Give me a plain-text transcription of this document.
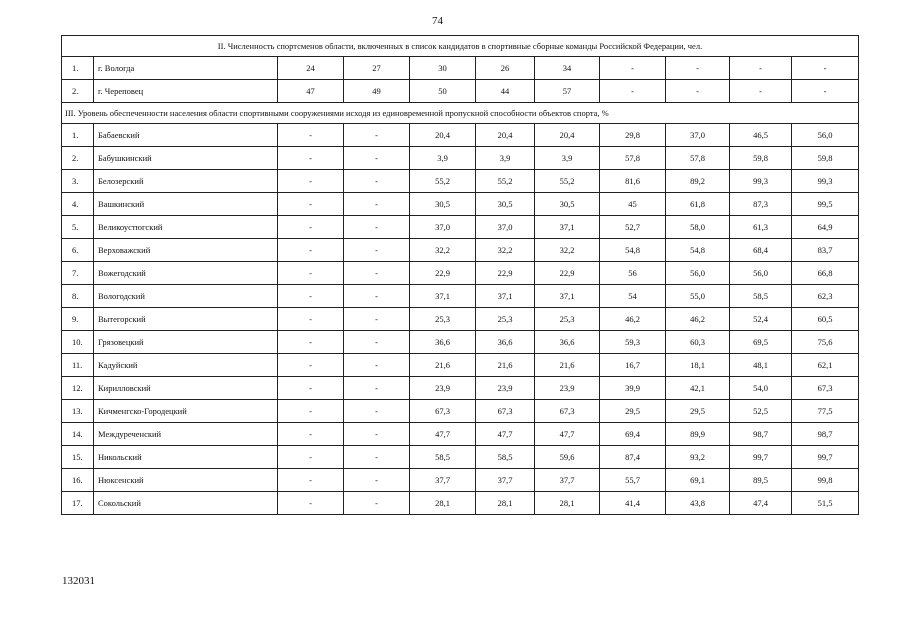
74
II. Численность спортсменов области, включенных в список кандидатов в спортивные сборные команды Российской Федерации, чел.										
1.	г. Вологда	24	27	30	26	34	-	-	-	-
2.	г. Череповец	47	49	50	44	57	-	-	-	-
III. Уровень обеспеченности населения области спортивными сооружениями исходя из единовременной пропускной способности объектов спорта, %										
1.	Бабаевский	-	-	20,4	20,4	20,4	29,8	37,0	46,5	56,0
2.	Бабушкинский	-	-	3,9	3,9	3,9	57,8	57,8	59,8	59,8
3.	Белозерский	-	-	55,2	55,2	55,2	81,6	89,2	99,3	99,3
4.	Вашкинский	-	-	30,5	30,5	30,5	45	61,8	87,3	99,5
5.	Великоустюгский	-	-	37,0	37,0	37,1	52,7	58,0	61,3	64,9
6.	Верховажский	-	-	32,2	32,2	32,2	54,8	54,8	68,4	83,7
7.	Вожегодский	-	-	22,9	22,9	22,9	56	56,0	56,0	66,8
8.	Вологодский	-	-	37,1	37,1	37,1	54	55,0	58,5	62,3
9.	Вытегорский	-	-	25,3	25,3	25,3	46,2	46,2	52,4	60,5
10.	Грязовецкий	-	-	36,6	36,6	36,6	59,3	60,3	69,5	75,6
11.	Кадуйский	-	-	21,6	21,6	21,6	16,7	18,1	48,1	62,1
12.	Кирилловский	-	-	23,9	23,9	23,9	39,9	42,1	54,0	67,3
13.	Кичменгско-Городецкий	-	-	67,3	67,3	67,3	29,5	29,5	52,5	77,5
14.	Междуреченский	-	-	47,7	47,7	47,7	69,4	89,9	98,7	98,7
15.	Никольский	-	-	58,5	58,5	59,6	87,4	93,2	99,7	99,7
16.	Нюксенский	-	-	37,7	37,7	37,7	55,7	69,1	89,5	99,8
17.	Сокольский	-	-	28,1	28,1	28,1	41,4	43,8	47,4	51,5
132031
